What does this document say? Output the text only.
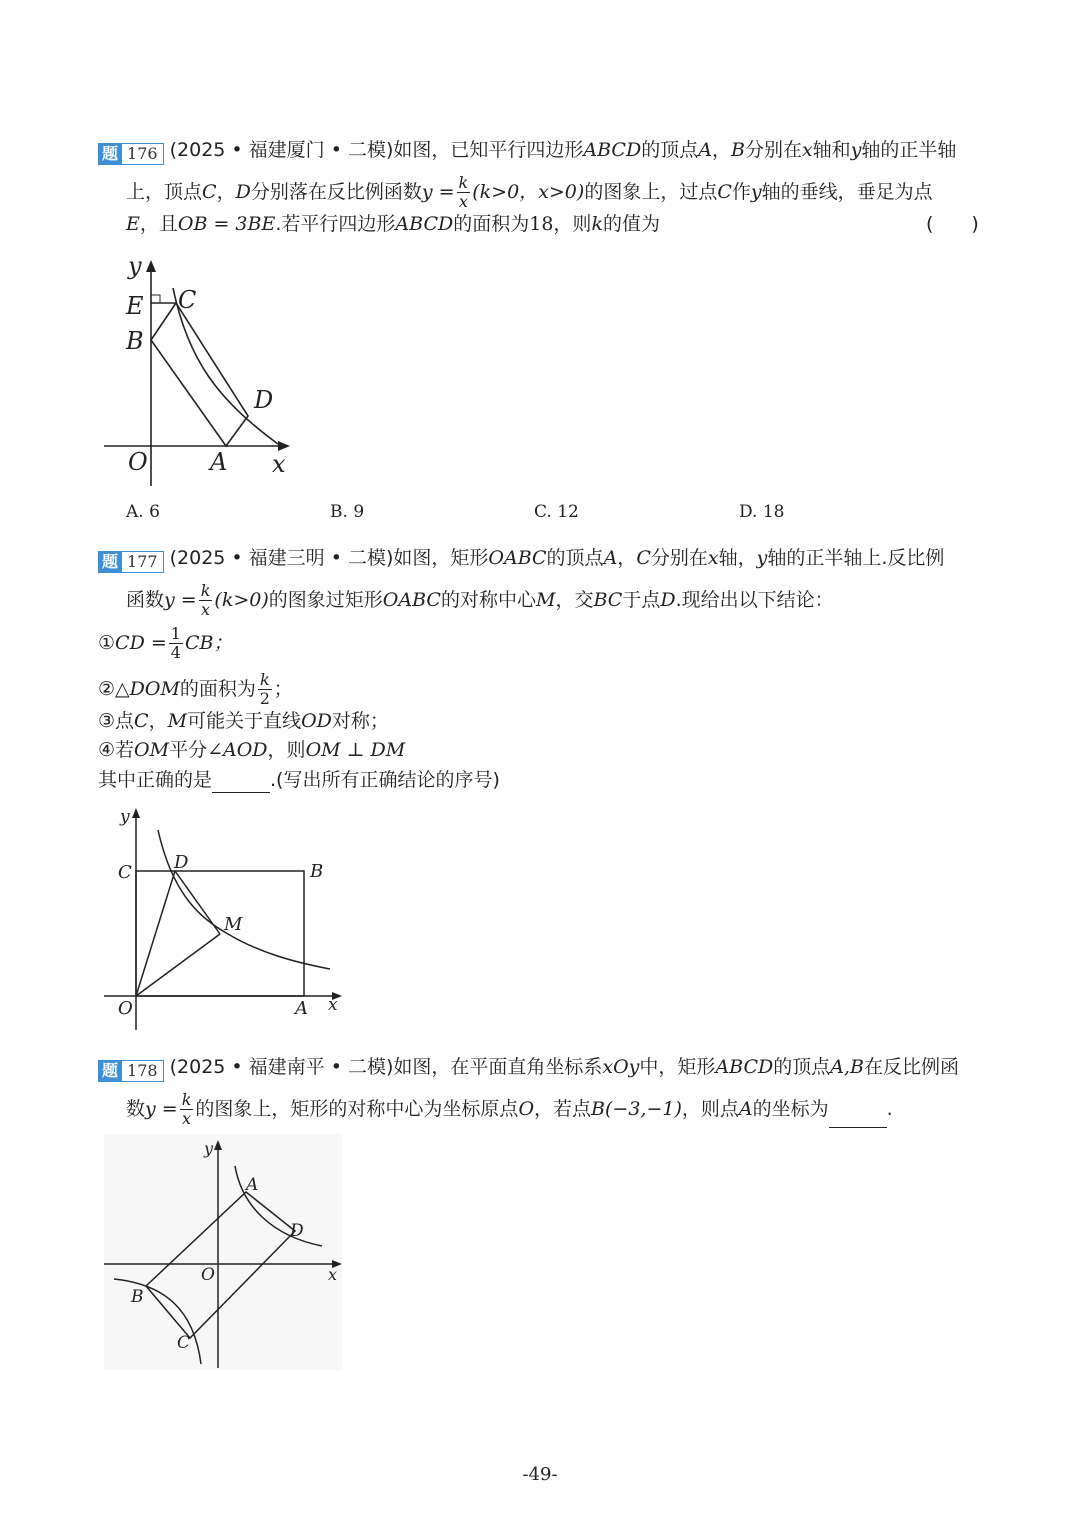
题 176 (2025 • 福建厦门 • 二模)如图，已知平行四边形ABCD的顶点A，B分别在x轴和y轴的正半轴
上，顶点C，D分别落在反比例函数$y = \frac{k}{x} (k>0$，x>0)的图象上，过点C作y轴的垂线，垂足为点
E，且OB = 3BE.若平行四边形ABCD的面积为18，则k的值为	(　　)
y
E C
B
D
O	A x
A. 6	B. 9	C. 12	D. 18
题 177 (2025 • 福建三明 • 二模)如图，矩形OABC的顶点A，C分别在x轴，y轴的正半轴上.反比例
函数$y = \frac{k}{x} (k>0)$的图象过矩形OABC的对称中心M，交BC于点D.现给出以下结论：
①CD = $\frac{1}{4}$ CB；
②△DOM的面积为 $\frac{k}{2}$ ；
③点C，M可能关于直线OD对称；
④若OM平分∠AOD，则OM ⊥ DM
其中正确的是	.(写出所有正确结论的序号)
y
C D	B
M
O	A x
题 178 (2025 • 福建南平 • 二模)如图，在平面直角坐标系xOy中，矩形ABCD的顶点A,B在反比例函
数$y = \frac{k}{x}$ 的图象上，矩形的对称中心为坐标原点O，若点B(−3,−1)，则点A的坐标为	.
y
A
D
O	x
B
C
-49-
